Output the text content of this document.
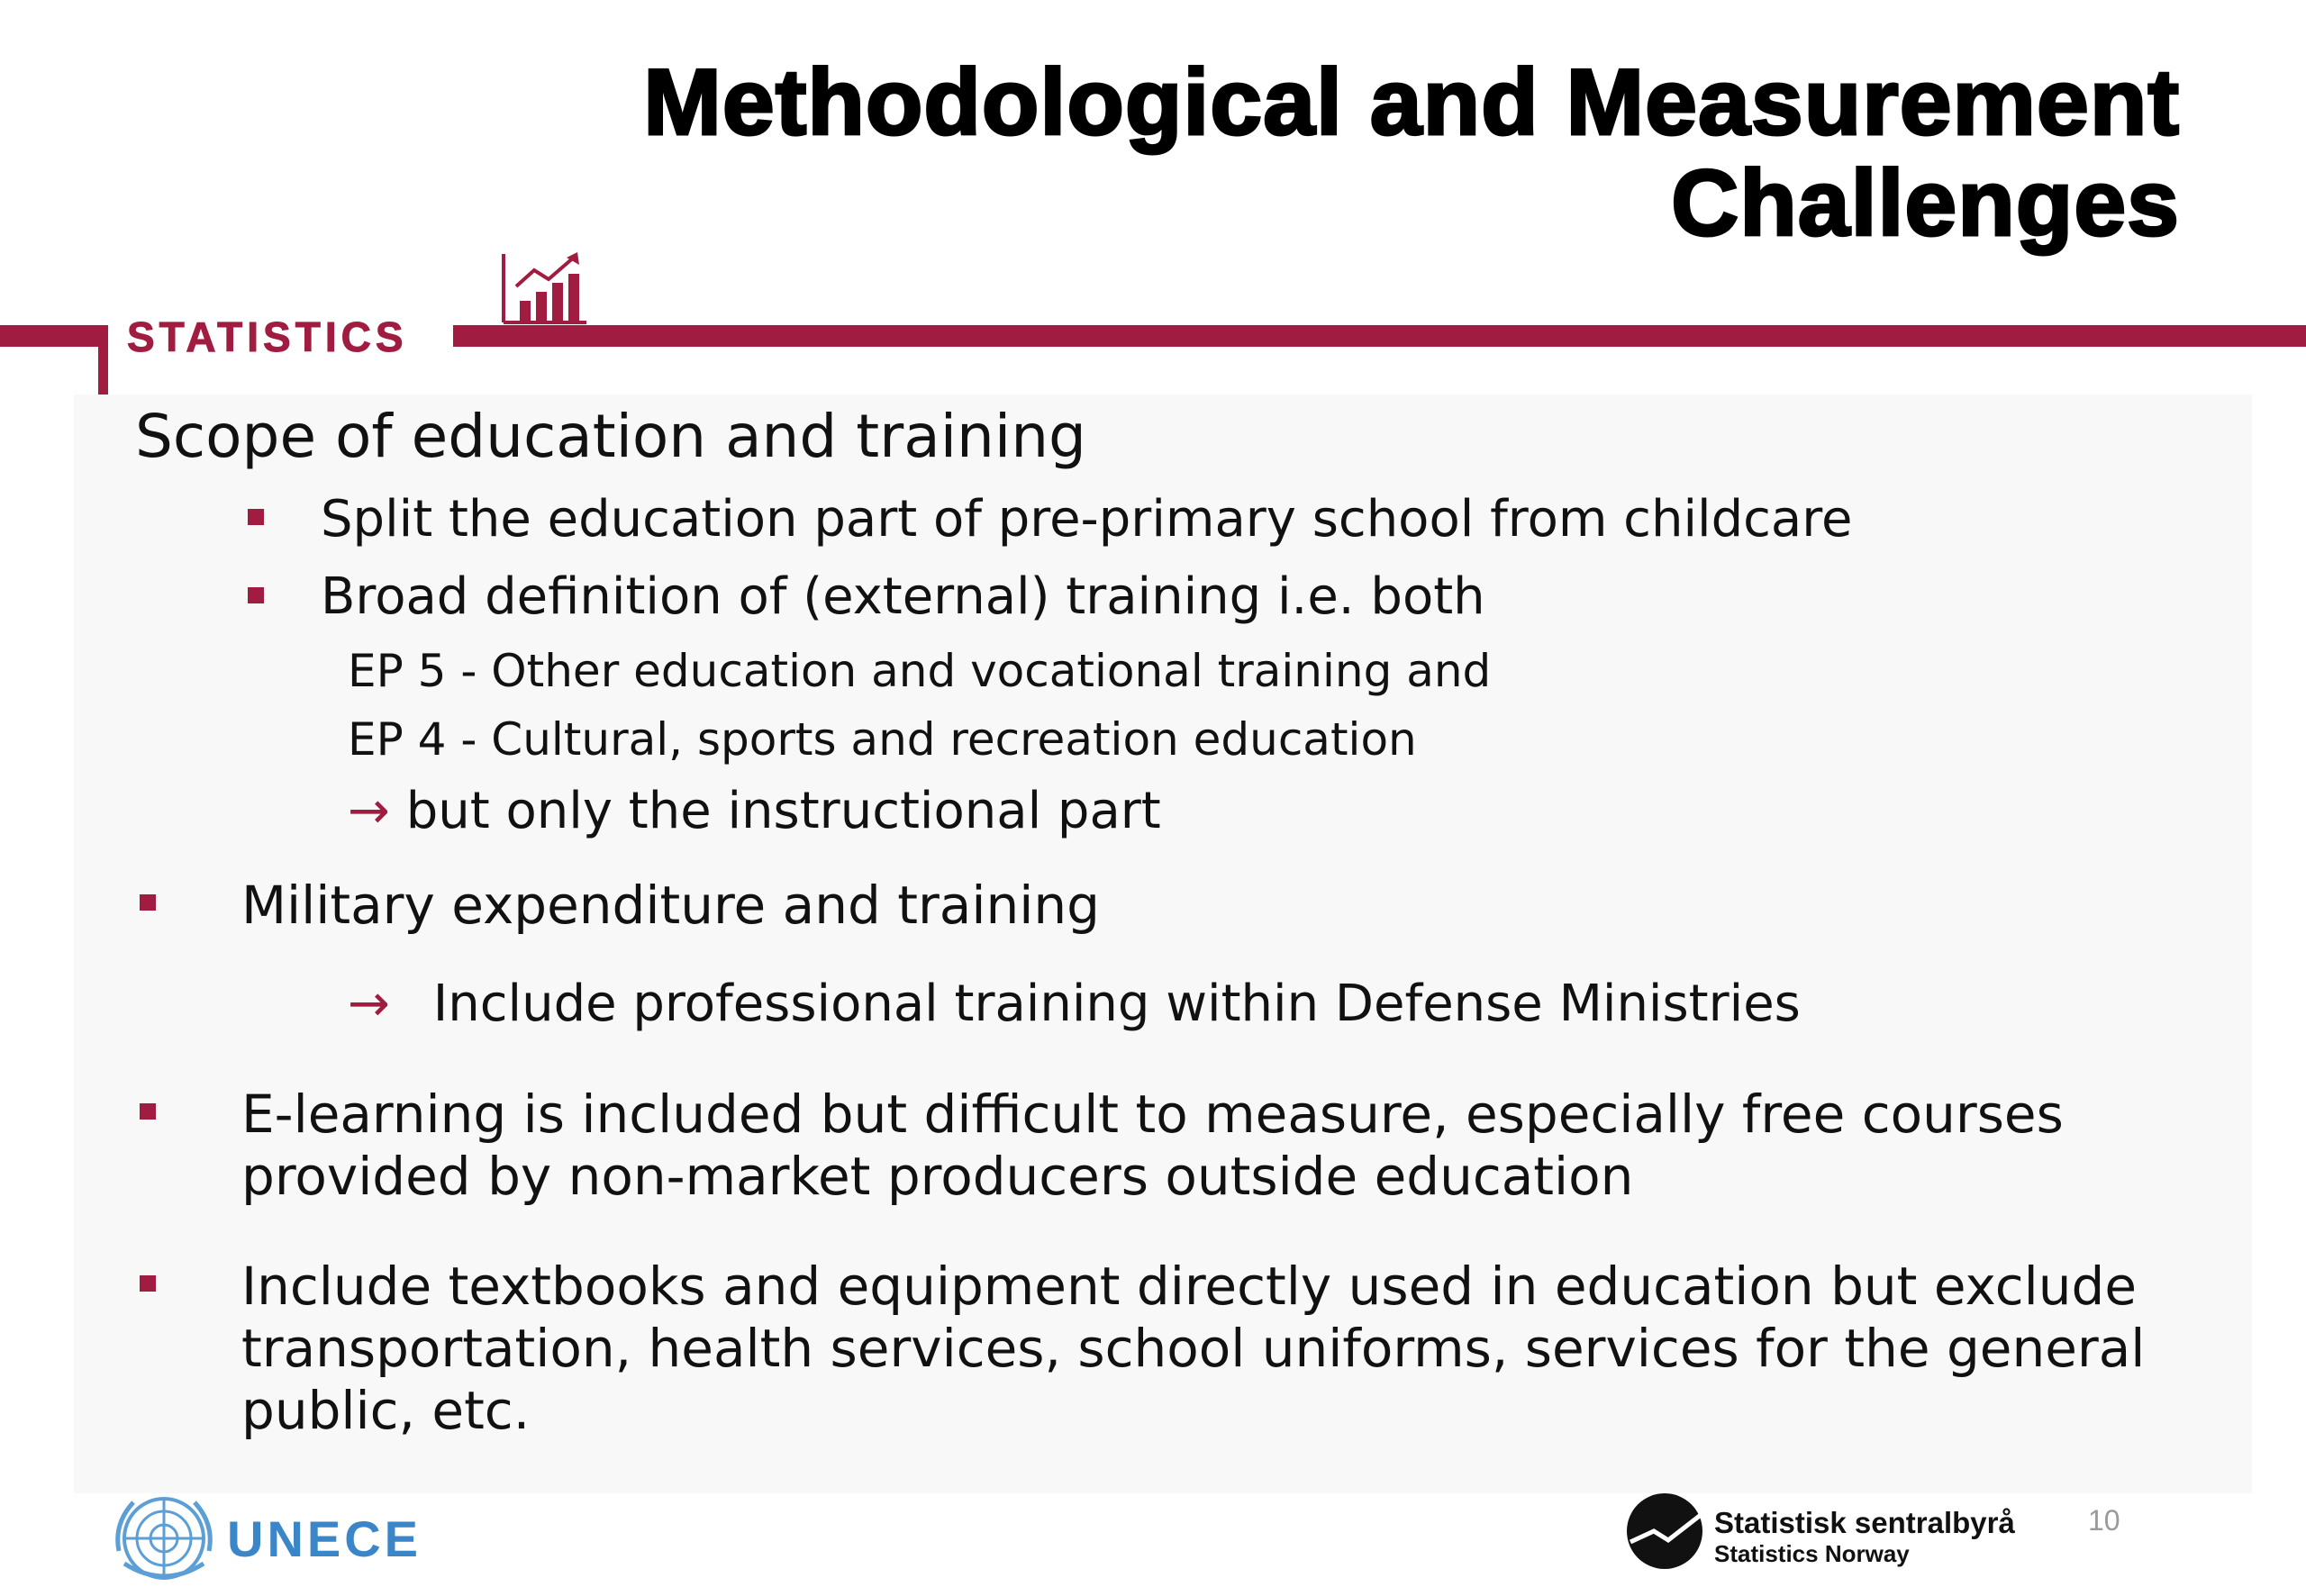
Methodological and Measurement
Challenges
STATISTICS

Scope of education and training

Split the education part of pre-primary school from childcare

Broad definition of (external) training i.e. both

EP 5 - Other education and vocational training and

EP 4 - Cultural, sports and recreation education

→ but only the instructional part

Military expenditure and training

→ Include professional training within Defense Ministries

E-learning is included but difficult to measure, especially free courses

provided by non-market producers outside education

Include textbooks and equipment directly used in education but exclude

transportation, health services, school uniforms, services for the general

public, etc.

UNECE	Statistisk sentralbyrå
Statistics Norway
10
